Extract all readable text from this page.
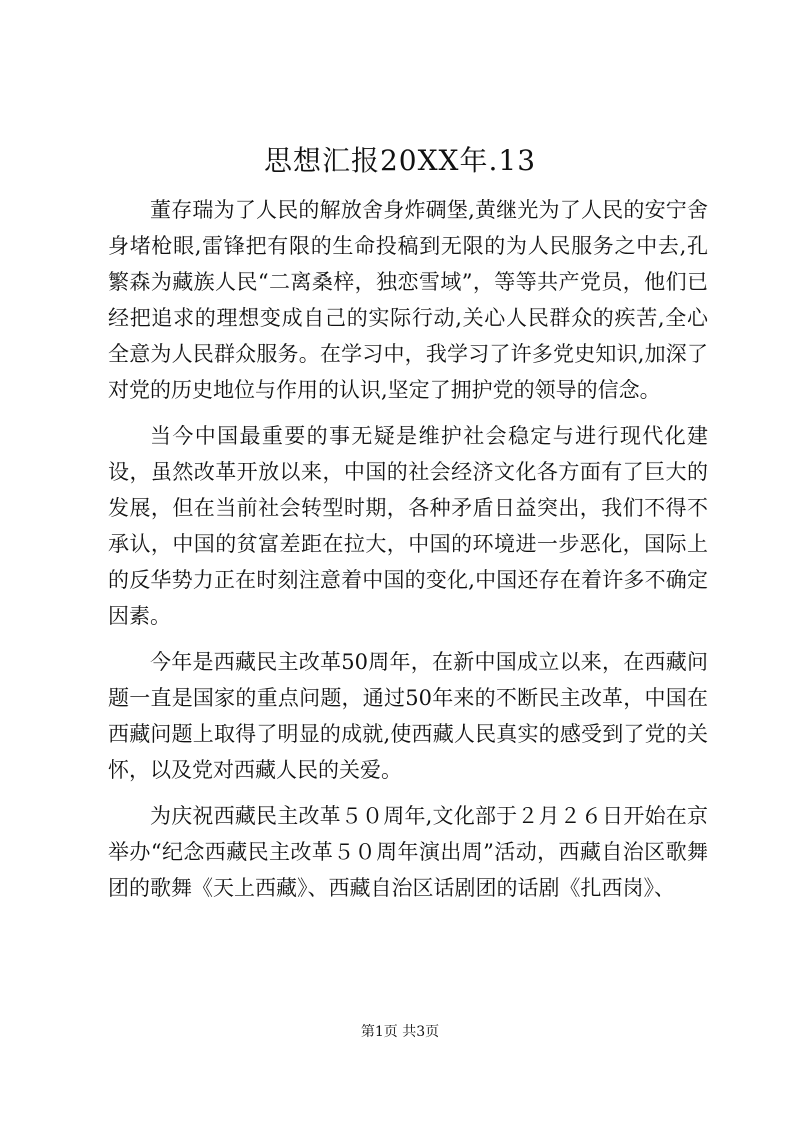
思想汇报20XX年.13

董存瑞为了人民的解放舍身炸碉堡,黄继光为了人民的安宁舍身堵枪眼,雷锋把有限的生命投稿到无限的为人民服务之中去,孔繁森为藏族人民“二离桑梓，独恋雪域”，等等共产党员，他们已经把追求的理想变成自己的实际行动,关心人民群众的疾苦,全心全意为人民群众服务。在学习中，我学习了许多党史知识,加深了对党的历史地位与作用的认识,坚定了拥护党的领导的信念。

当今中国最重要的事无疑是维护社会稳定与进行现代化建设，虽然改革开放以来，中国的社会经济文化各方面有了巨大的发展，但在当前社会转型时期，各种矛盾日益突出，我们不得不承认，中国的贫富差距在拉大，中国的环境进一步恶化，国际上的反华势力正在时刻注意着中国的变化,中国还存在着许多不确定因素。

今年是西藏民主改革50周年，在新中国成立以来，在西藏问题一直是国家的重点问题，通过50年来的不断民主改革，中国在西藏问题上取得了明显的成就,使西藏人民真实的感受到了党的关怀，以及党对西藏人民的关爱。

为庆祝西藏民主改革５０周年,文化部于２月２６日开始在京举办“纪念西藏民主改革５０周年演出周”活动，西藏自治区歌舞团的歌舞《天上西藏》、西藏自治区话剧团的话剧《扎西岗》、

第1页 共3页
